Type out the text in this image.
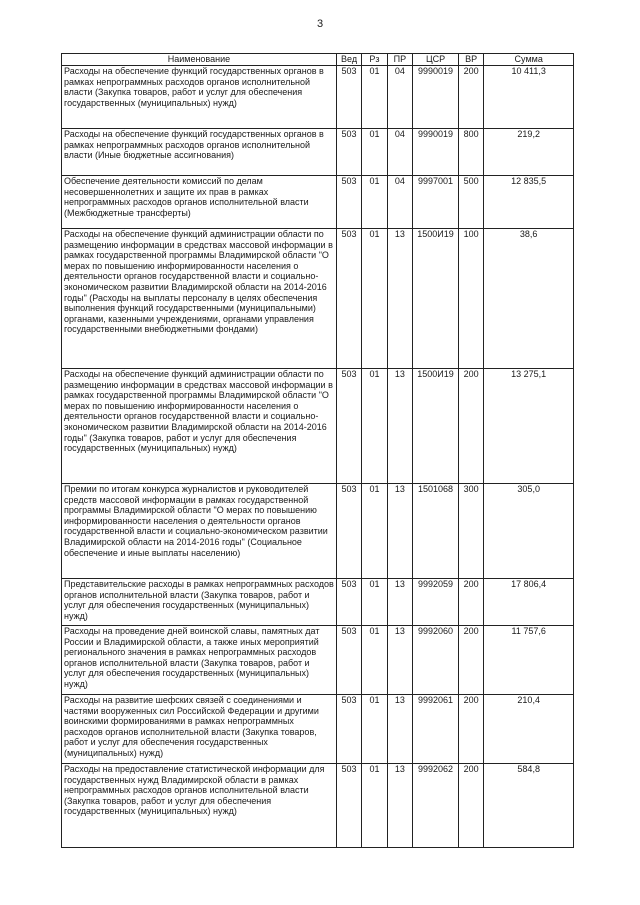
3
Наименование	Вед	Рз	ПР	ЦСР	ВР	Сумма
Расходы на обеспечение функций государственных органов в рамках непрограммных расходов органов исполнительной власти (Закупка товаров, работ и услуг для обеспечения государственных (муниципальных) нужд)	503	01	04	9990019	200	10 411,3
Расходы на обеспечение функций государственных органов в рамках непрограммных расходов органов исполнительной власти (Иные бюджетные ассигнования)	503	01	04	9990019	800	219,2
Обеспечение деятельности комиссий по делам несовершеннолетних и защите их прав в рамках непрограммных расходов органов исполнительной власти (Межбюджетные трансферты)	503	01	04	9997001	500	12 835,5
Расходы на обеспечение функций администрации области по размещению информации в средствах массовой информации в рамках государственной программы Владимирской области "О мерах по повышению информированности населения о деятельности органов государственной власти и социально-экономическом развитии Владимирской области на 2014-2016 годы" (Расходы на выплаты персоналу в целях обеспечения выполнения функций государственными (муниципальными) органами, казенными учреждениями, органами управления государственными внебюджетными фондами)	503	01	13	1500И19	100	38,6
Расходы на обеспечение функций администрации области по размещению информации в средствах массовой информации в рамках государственной программы Владимирской области "О мерах по повышению информированности населения о деятельности органов государственной власти и социально-экономическом развитии Владимирской области на 2014-2016 годы" (Закупка товаров, работ и услуг для обеспечения государственных (муниципальных) нужд)	503	01	13	1500И19	200	13 275,1
Премии по итогам конкурса журналистов и руководителей средств массовой информации в рамках государственной программы Владимирской области "О мерах по повышению информированности населения о деятельности органов государственной власти и социально-экономическом развитии Владимирской области на 2014-2016 годы" (Социальное обеспечение и иные выплаты населению)	503	01	13	1501068	300	305,0
Представительские расходы в рамках непрограммных расходов органов исполнительной власти (Закупка товаров, работ и услуг для обеспечения государственных (муниципальных) нужд)	503	01	13	9992059	200	17 806,4
Расходы на проведение дней воинской славы, памятных дат России и Владимирской области, а также иных мероприятий регионального значения в рамках непрограммных расходов органов исполнительной власти (Закупка товаров, работ и услуг для обеспечения государственных (муниципальных) нужд)	503	01	13	9992060	200	11 757,6
Расходы на развитие шефских связей с соединениями и частями вооруженных сил Российской Федерации и другими воинскими формированиями в рамках непрограммных расходов органов исполнительной власти (Закупка товаров, работ и услуг для обеспечения государственных (муниципальных) нужд)	503	01	13	9992061	200	210,4
Расходы на предоставление статистической информации для государственных нужд Владимирской области в рамках непрограммных расходов органов исполнительной власти (Закупка товаров, работ и услуг для обеспечения государственных (муниципальных) нужд)	503	01	13	9992062	200	584,8
